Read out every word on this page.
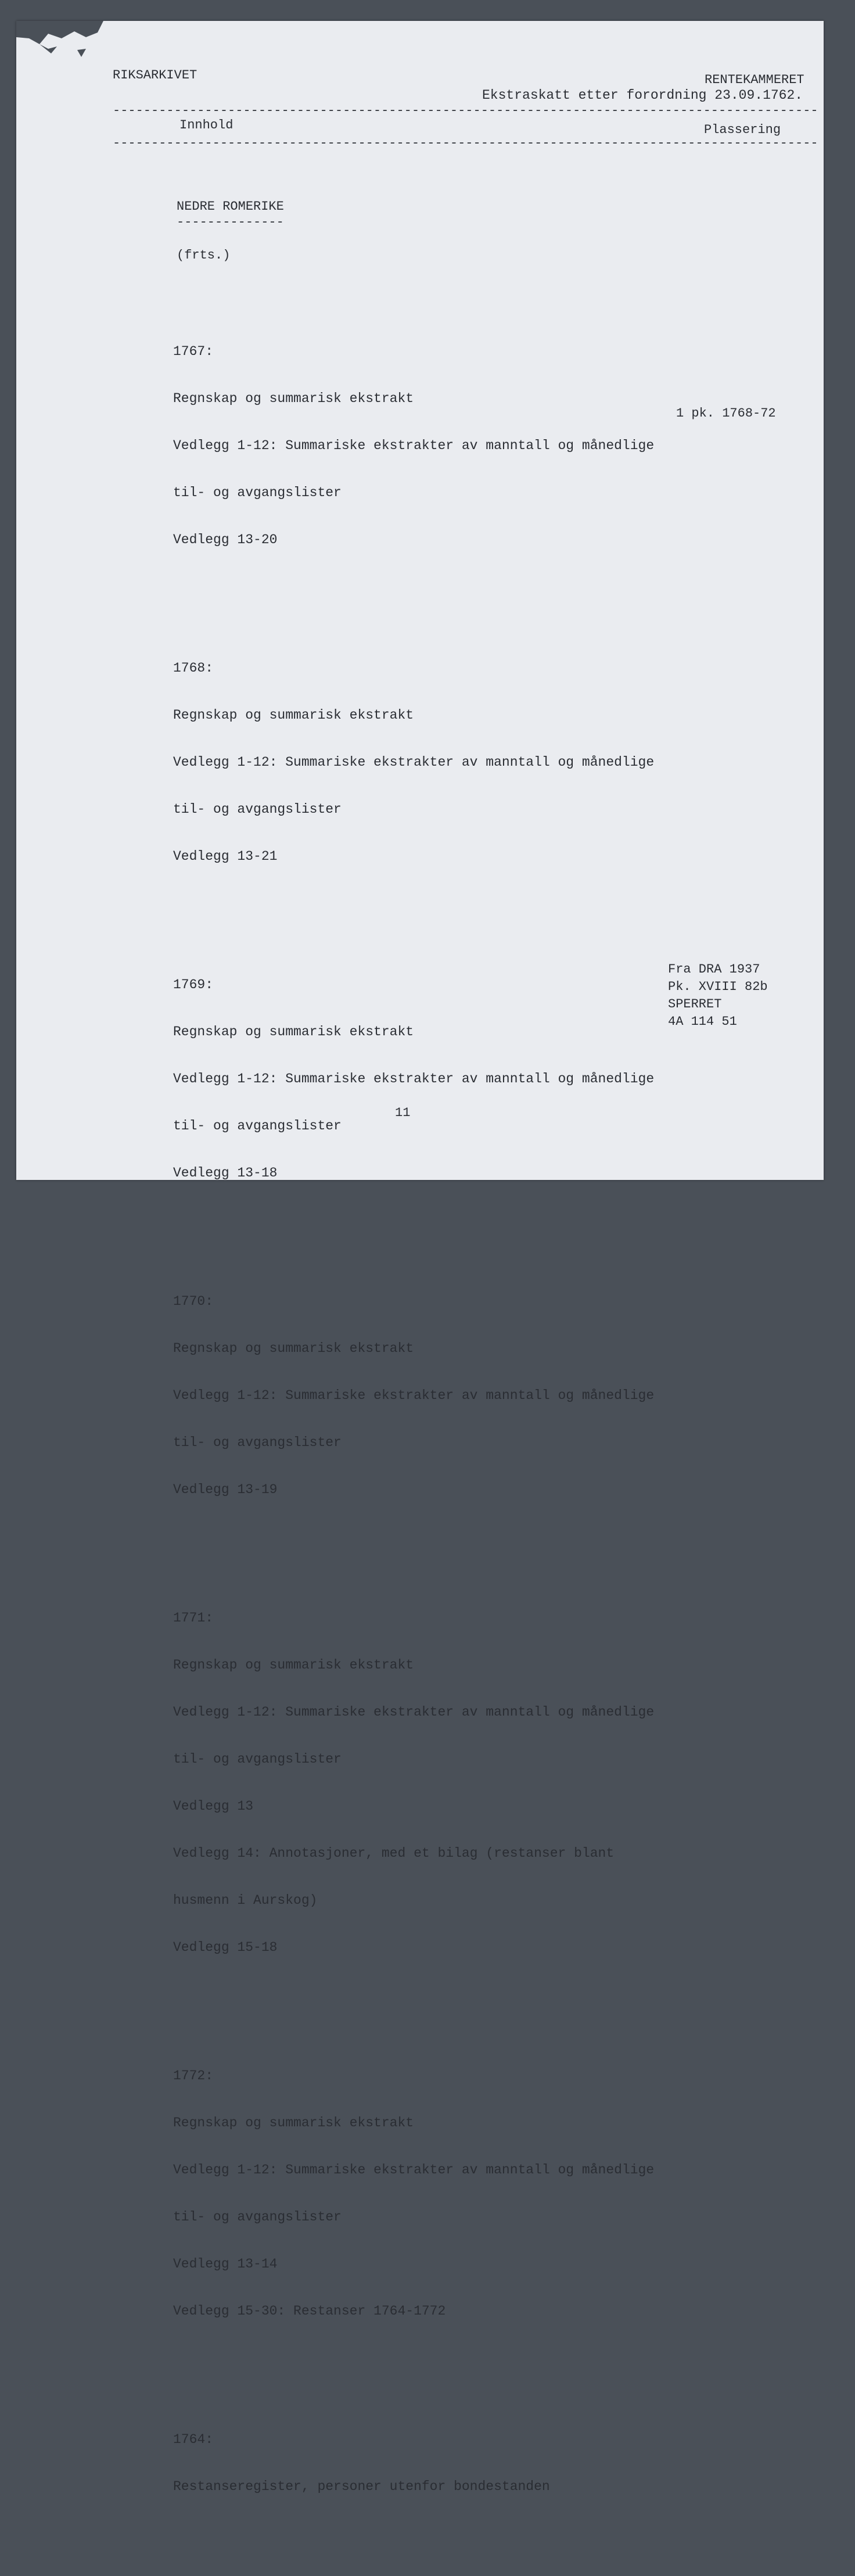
RIKSARKIVET	RENTEKAMMERET
Ekstraskatt etter forordning 23.09.1762.
--------------------------------------------------------------------------------------------
Innhold	Plassering
--------------------------------------------------------------------------------------------
NEDRE ROMERIKE
--------------
(frts.)

1767:

Regnskap og summarisk ekstrakt

Vedlegg 1-12: Summariske ekstrakter av manntall og månedlige

til- og avgangslister

Vedlegg 13-20

1768:

Regnskap og summarisk ekstrakt

Vedlegg 1-12: Summariske ekstrakter av manntall og månedlige

til- og avgangslister

Vedlegg 13-21

1769:

Regnskap og summarisk ekstrakt

Vedlegg 1-12: Summariske ekstrakter av manntall og månedlige

til- og avgangslister

Vedlegg 13-18

1770:

Regnskap og summarisk ekstrakt

Vedlegg 1-12: Summariske ekstrakter av manntall og månedlige

til- og avgangslister

Vedlegg 13-19

1771:

Regnskap og summarisk ekstrakt

Vedlegg 1-12: Summariske ekstrakter av manntall og månedlige

til- og avgangslister

Vedlegg 13

Vedlegg 14: Annotasjoner, med et bilag (restanser blant

husmenn i Aurskog)

Vedlegg 15-18

1772:

Regnskap og summarisk ekstrakt

Vedlegg 1-12: Summariske ekstrakter av manntall og månedlige

til- og avgangslister

Vedlegg 13-14

Vedlegg 15-30: Restanser 1764-1772

1764:

Restanseregister, personer utenfor bondestanden

1 pk. 1768-72
Fra DRA 1937
Pk. XVIII 82b
SPERRET
4A 114 51
11
